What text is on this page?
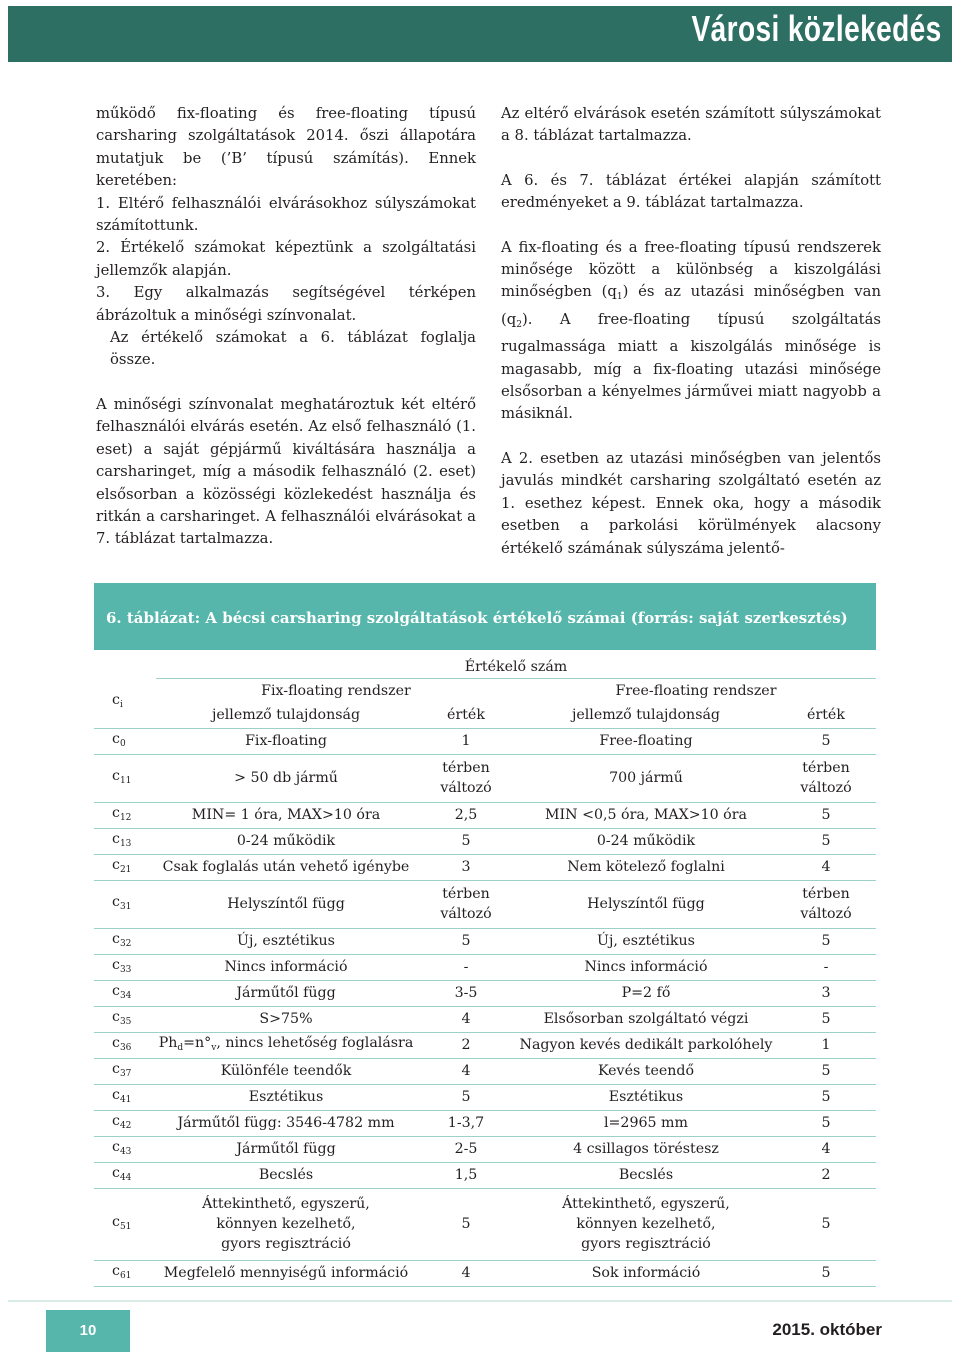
Városi közlekedés

működő fix-floating és free-floating típusú carsharing szolgáltatások 2014. őszi állapotára mutatjuk be (’B’ típusú számítás). Ennek keretében:

1. Eltérő felhasználói elvárásokhoz súlyszámokat számítottunk.

2. Értékelő számokat képeztünk a szolgáltatási jellemzők alapján.

3. Egy alkalmazás segítségével térképen ábrázoltuk a minőségi színvonalat.

Az értékelő számokat a 6. táblázat foglalja össze.

A minőségi színvonalat meghatároztuk két eltérő felhasználói elvárás esetén. Az első felhasználó (1. eset) a saját gépjármű kiváltására használja a carsharinget, míg a második felhasználó (2. eset) elsősorban a közösségi közlekedést használja és ritkán a carsharinget. A felhasználói elvárásokat a 7. táblázat tartalmazza.

Az eltérő elvárások esetén számított súlyszámokat a 8. táblázat tartalmazza.

A 6. és 7. táblázat értékei alapján számított eredményeket a 9. táblázat tartalmazza.

A fix-floating és a free-floating típusú rendszerek minősége között a különbség a kiszolgálási minőségben $(q_1)$ és az utazási minőségben van $(q_2)$. A free-floating típusú szolgáltatás rugalmassága miatt a kiszolgálás minősége is magasabb, míg a fix-floating utazási minősége elsősorban a kényelmes járművei miatt nagyobb a másiknál.

A 2. esetben az utazási minőségben van jelentős javulás mindkét carsharing szolgáltató esetén az 1. esethez képest. Ennek oka, hogy a második esetben a parkolási körülmények alacsony értékelő számának súlyszáma jelentő-

6. táblázat: A bécsi carsharing szolgáltatások értékelő számai (forrás: saját szerkesztés)
	Értékelő szám			
$c_i$	Fix-floating rendszer		Free-floating rendszer	
	jellemző tulajdonság	érték	jellemző tulajdonság	érték
$c_0$	Fix-floating	1	Free-floating	5
$c_{11}$	> 50 db jármű	térben változó	700 jármű	térben változó
$c_{12}$	MIN= 1 óra, MAX>10 óra	2,5	MIN <0,5 óra, MAX>10 óra	5
$c_{13}$	0-24 működik	5	0-24 működik	5
$c_{21}$	Csak foglalás után vehető igénybe	3	Nem kötelező foglalni	4
$c_{31}$	Helyszíntől függ	térben változó	Helyszíntől függ	térben változó
$c_{32}$	Új, esztétikus	5	Új, esztétikus	5
$c_{33}$	Nincs információ	-	Nincs információ	-
$c_{34}$	Járműtől függ	3-5	P=2 fő	3
$c_{35}$	S>75%	4	Elsősorban szolgáltató végzi	5
$c_{36}$	$Ph_d=n^\circ_v$, nincs lehetőség foglalásra	2	Nagyon kevés dedikált parkolóhely	1
$c_{37}$	Különféle teendők	4	Kevés teendő	5
$c_{41}$	Esztétikus	5	Esztétikus	5
$c_{42}$	Járműtől függ: 3546-4782 mm	1-3,7	l=2965 mm	5
$c_{43}$	Járműtől függ	2-5	4 csillagos töréstesz	4
$c_{44}$	Becslés	1,5	Becslés	2
$c_{51}$	Áttekinthető, egyszerű, könnyen kezelhető, gyors regisztráció	5	Áttekinthető, egyszerű, könnyen kezelhető, gyors regisztráció	5
$c_{61}$	Megfelelő mennyiségű információ	4	Sok információ	5
10	2015. október
